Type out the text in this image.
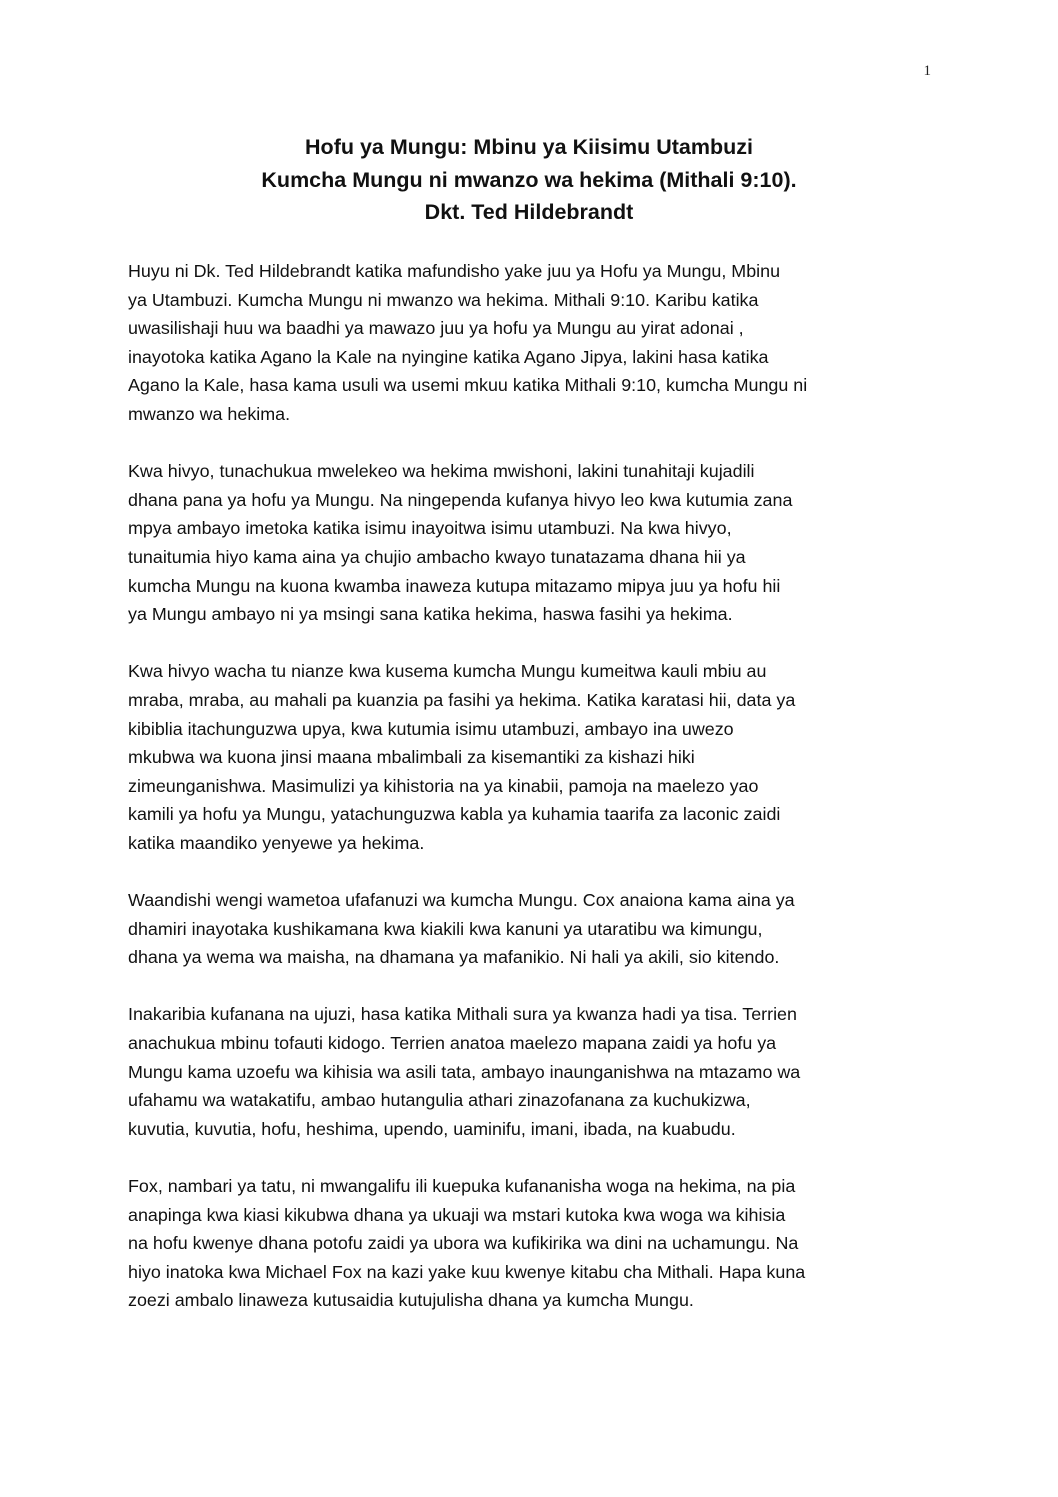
1
Hofu ya Mungu: Mbinu ya Kiisimu Utambuzi
Kumcha Mungu ni mwanzo wa hekima (Mithali 9:10).
Dkt. Ted Hildebrandt

Huyu ni Dk. Ted Hildebrandt katika mafundisho yake juu ya Hofu ya Mungu, Mbinu
ya Utambuzi. Kumcha Mungu ni mwanzo wa hekima. Mithali 9:10. Karibu katika
uwasilishaji huu wa baadhi ya mawazo juu ya hofu ya Mungu au yirat adonai ,
inayotoka katika Agano la Kale na nyingine katika Agano Jipya, lakini hasa katika
Agano la Kale, hasa kama usuli wa usemi mkuu katika Mithali 9:10, kumcha Mungu ni
mwanzo wa hekima.

Kwa hivyo, tunachukua mwelekeo wa hekima mwishoni, lakini tunahitaji kujadili
dhana pana ya hofu ya Mungu. Na ningependa kufanya hivyo leo kwa kutumia zana
mpya ambayo imetoka katika isimu inayoitwa isimu utambuzi. Na kwa hivyo,
tunaitumia hiyo kama aina ya chujio ambacho kwayo tunatazama dhana hii ya
kumcha Mungu na kuona kwamba inaweza kutupa mitazamo mipya juu ya hofu hii
ya Mungu ambayo ni ya msingi sana katika hekima, haswa fasihi ya hekima.

Kwa hivyo wacha tu nianze kwa kusema kumcha Mungu kumeitwa kauli mbiu au
mraba, mraba, au mahali pa kuanzia pa fasihi ya hekima. Katika karatasi hii, data ya
kibiblia itachunguzwa upya, kwa kutumia isimu utambuzi, ambayo ina uwezo
mkubwa wa kuona jinsi maana mbalimbali za kisemantiki za kishazi hiki
zimeunganishwa. Masimulizi ya kihistoria na ya kinabii, pamoja na maelezo yao
kamili ya hofu ya Mungu, yatachunguzwa kabla ya kuhamia taarifa za laconic zaidi
katika maandiko yenyewe ya hekima.

Waandishi wengi wametoa ufafanuzi wa kumcha Mungu. Cox anaiona kama aina ya
dhamiri inayotaka kushikamana kwa kiakili kwa kanuni ya utaratibu wa kimungu,
dhana ya wema wa maisha, na dhamana ya mafanikio. Ni hali ya akili, sio kitendo.

Inakaribia kufanana na ujuzi, hasa katika Mithali sura ya kwanza hadi ya tisa. Terrien
anachukua mbinu tofauti kidogo. Terrien anatoa maelezo mapana zaidi ya hofu ya
Mungu kama uzoefu wa kihisia wa asili tata, ambayo inaunganishwa na mtazamo wa
ufahamu wa watakatifu, ambao hutangulia athari zinazofanana za kuchukizwa,
kuvutia, kuvutia, hofu, heshima, upendo, uaminifu, imani, ibada, na kuabudu.

Fox, nambari ya tatu, ni mwangalifu ili kuepuka kufananisha woga na hekima, na pia
anapinga kwa kiasi kikubwa dhana ya ukuaji wa mstari kutoka kwa woga wa kihisia
na hofu kwenye dhana potofu zaidi ya ubora wa kufikirika wa dini na uchamungu. Na
hiyo inatoka kwa Michael Fox na kazi yake kuu kwenye kitabu cha Mithali. Hapa kuna
zoezi ambalo linaweza kutusaidia kutujulisha dhana ya kumcha Mungu.
